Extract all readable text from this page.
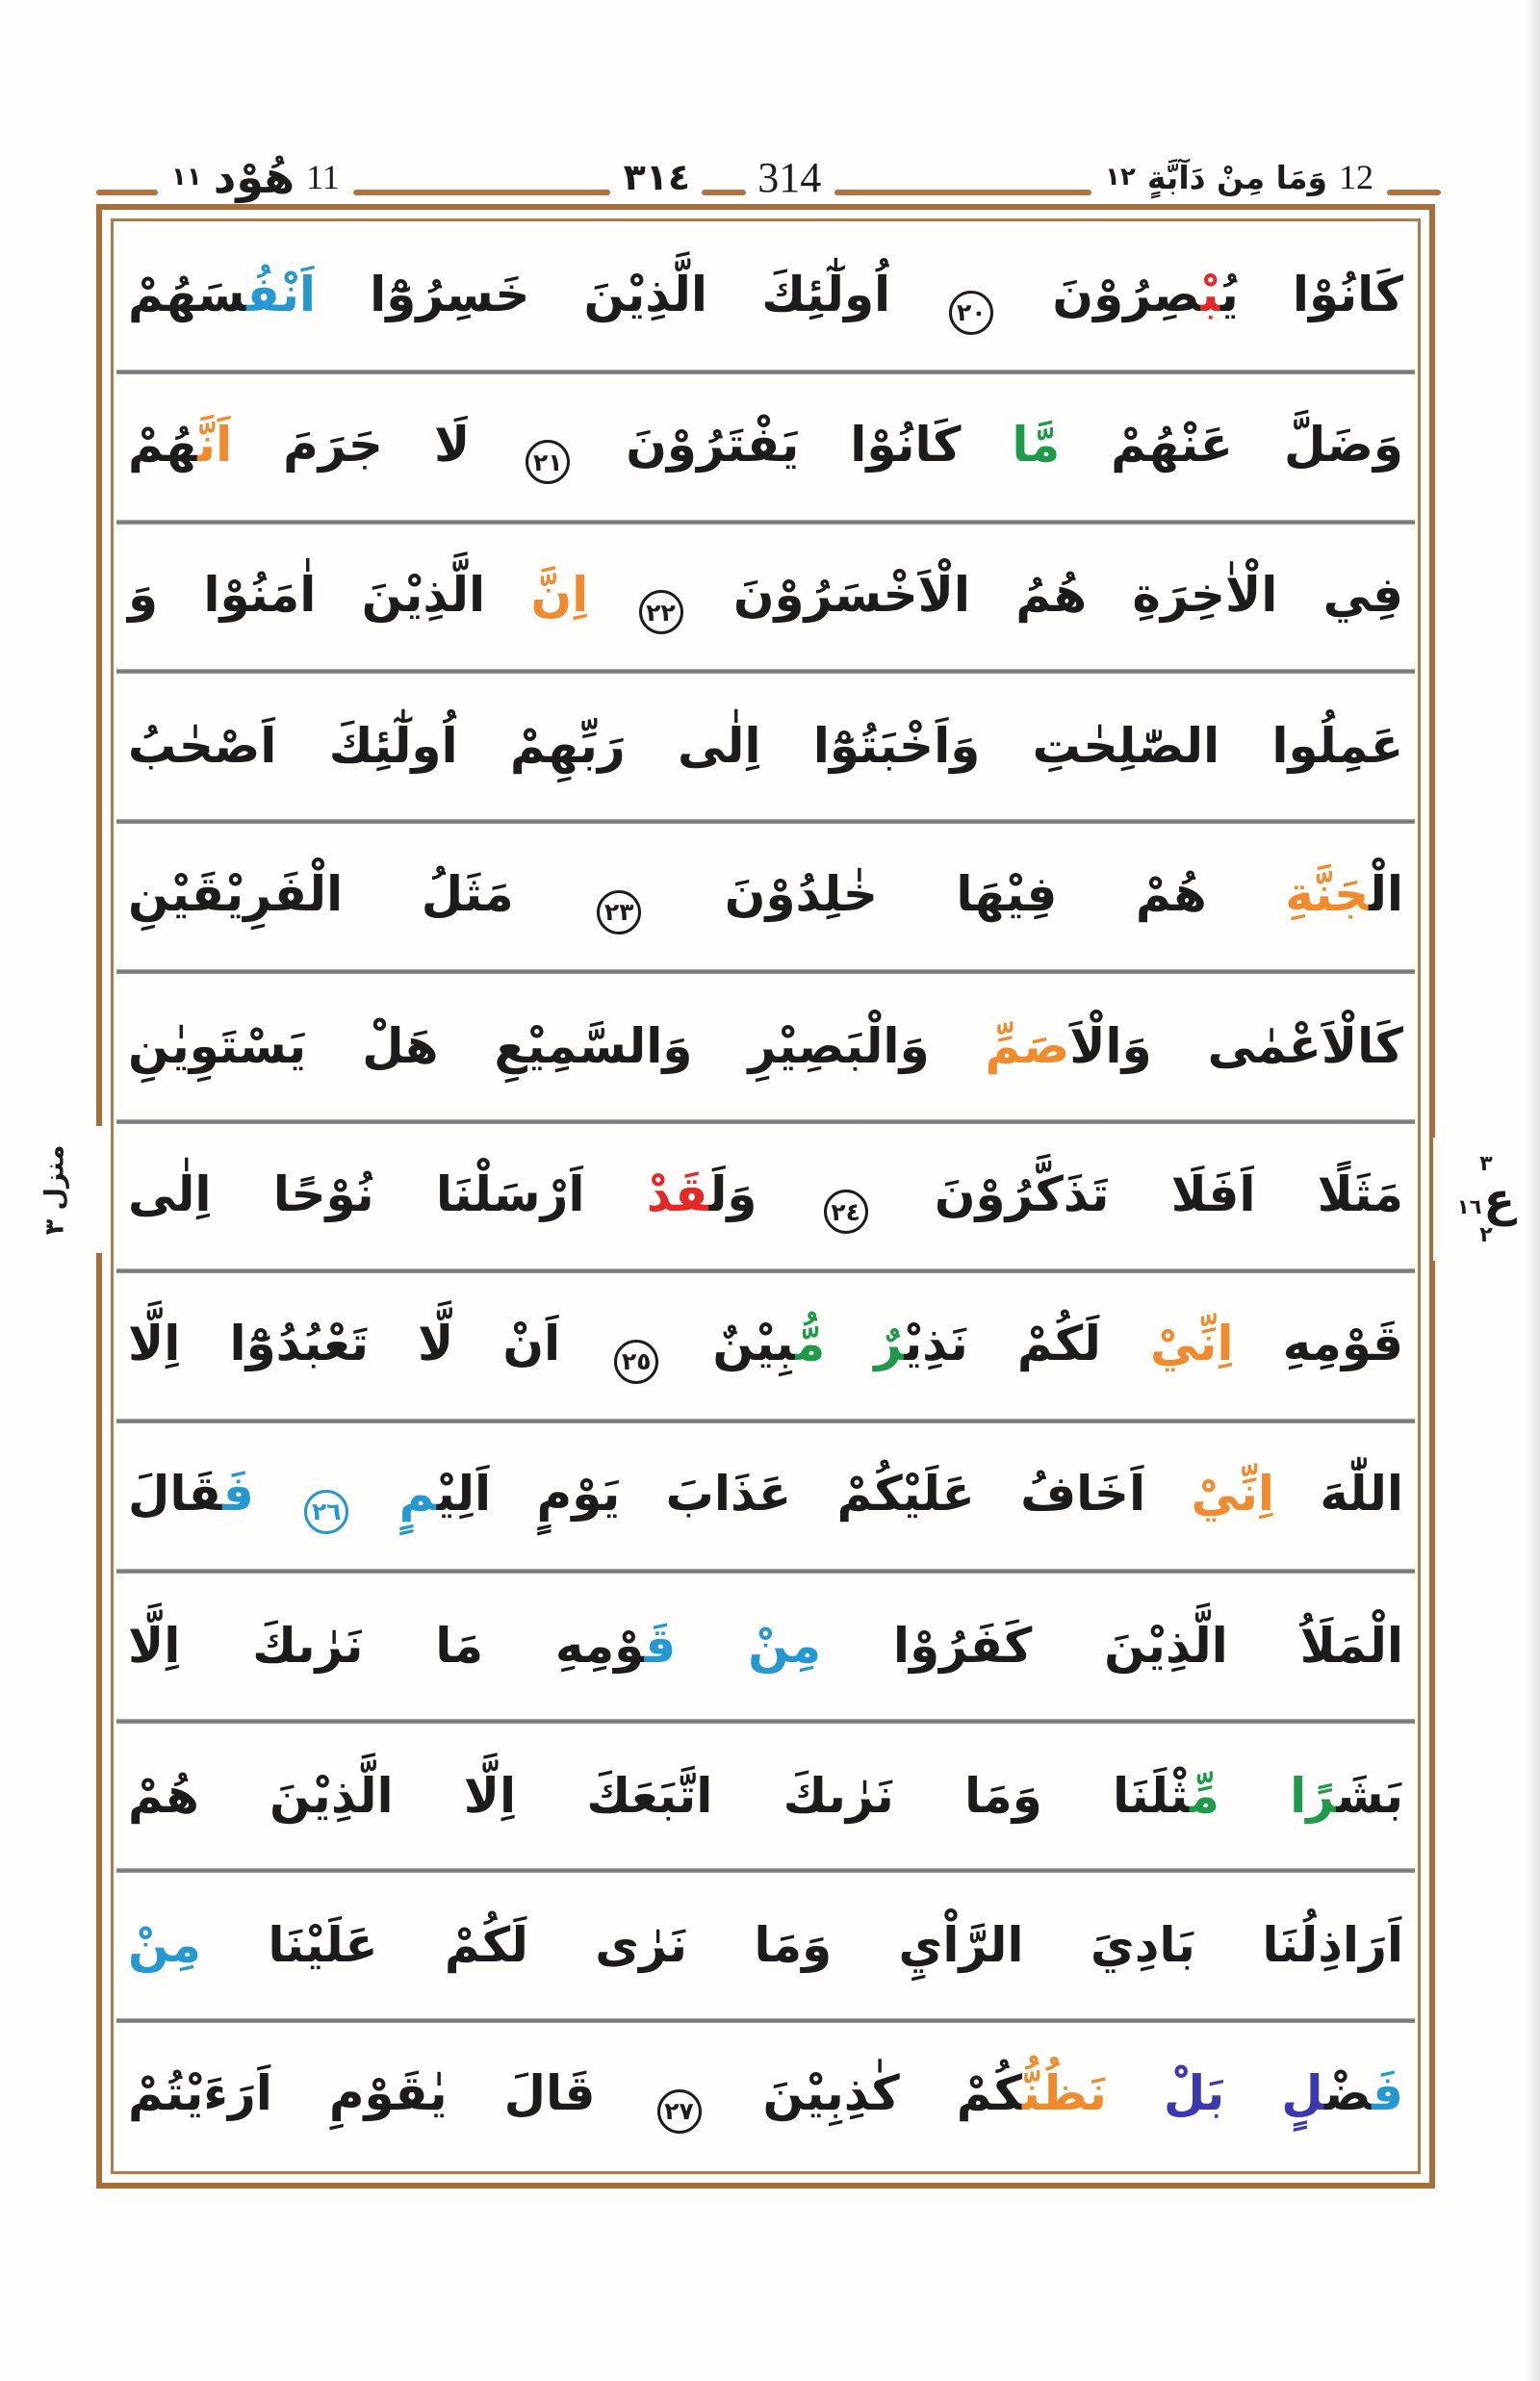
١١ هُوْد 11	٣١٤ 314	١٢ وَمَا مِنْ دَآبَّةٍ 12
كَانُوْا يُ‍‍بْ‍‍صِرُوْنَ ٢٠ اُولٰٓئِكَ الَّذِيْنَ خَسِرُوْٓا اَنْفُ‍‍سَهُمْ
وَضَلَّ عَنْهُمْ مَّا كَانُوْا يَفْتَرُوْنَ ٢١ لَا جَرَمَ اَنَّ‍‍هُمْ
فِي الْاٰخِرَةِ هُمُ الْاَخْسَرُوْنَ ٢٢ اِنَّ الَّذِيْنَ اٰمَنُوْا وَ
عَمِلُوا الصّٰلِحٰتِ وَاَخْبَتُوْٓا اِلٰى رَبِّهِمْ اُولٰٓئِكَ اَصْحٰبُ
الْ‍‍جَنَّةِ هُمْ فِيْهَا خٰلِدُوْنَ ٢٣ مَثَلُ الْفَرِيْقَيْنِ
كَالْاَعْمٰى وَالْاَصَمِّ وَالْبَصِيْرِ وَالسَّمِيْعِ هَلْ يَسْتَوِيٰنِ
مَثَلًا اَفَلَا تَذَكَّرُوْنَ ٢٤ وَلَ‍‍قَدْ اَرْسَلْنَا نُوْحًا اِلٰى
قَوْمِهِ اِنِّيْ لَكُمْ نَذِيْ‍‍رٌ مُّ‍‍بِيْنٌ ٢٥ اَنْ لَّا تَعْبُدُوْٓا اِلَّا
اللّٰهَ اِنِّيْ اَخَافُ عَلَيْكُمْ عَذَابَ يَوْمٍ اَلِيْ‍‍مٍ ٢٦ فَ‍‍قَالَ
الْمَلَاُ الَّذِيْنَ كَفَرُوْا مِنْ قَ‍‍وْمِهِ مَا نَرٰىكَ اِلَّا
بَشَ‍‍رًا مِّ‍‍ثْلَنَا وَمَا نَرٰىكَ اتَّبَعَكَ اِلَّا الَّذِيْنَ هُمْ
اَرَاذِلُنَا بَادِيَ الرَّاْيِ وَمَا نَرٰى لَكُمْ عَلَيْنَا مِنْ
فَ‍‍ضْ‍‍لٍ بَلْ نَظُنُّ‍‍كُمْ كٰذِبِيْنَ ٢٧ قَالَ يٰقَوْمِ اَرَءَيْتُمْ
منزل ٣	٣
١٦ ع
٢
